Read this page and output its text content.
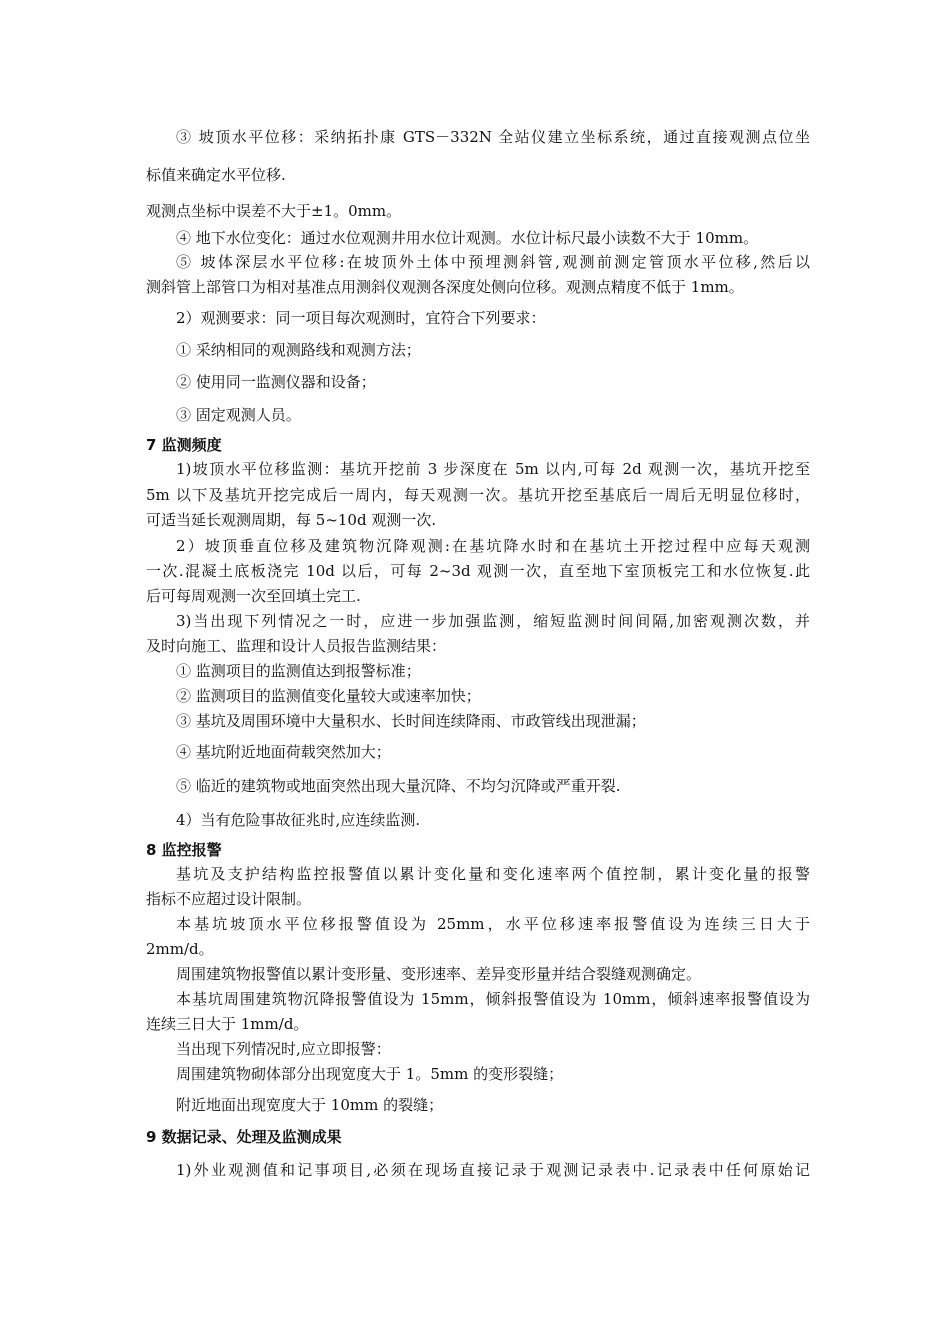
③ 坡顶水平位移：采纳拓扑康 GTS－332N 全站仪建立坐标系统，通过直接观测点位坐
标值来确定水平位移.
观测点坐标中误差不大于±1。0mm。
④ 地下水位变化：通过水位观测井用水位计观测。水位计标尺最小读数不大于 10mm。
⑤ 坡体深层水平位移:在坡顶外土体中预埋测斜管,观测前测定管顶水平位移,然后以
测斜管上部管口为相对基准点用测斜仪观测各深度处侧向位移。观测点精度不低于 1mm。
2）观测要求：同一项目每次观测时，宜符合下列要求：
① 采纳相同的观测路线和观测方法；
② 使用同一监测仪器和设备；
③ 固定观测人员。
7 监测频度
1)坡顶水平位移监测：基坑开挖前 3 步深度在 5m 以内,可每 2d 观测一次，基坑开挖至
5m 以下及基坑开挖完成后一周内，每天观测一次。基坑开挖至基底后一周后无明显位移时，
可适当延长观测周期，每 5~10d 观测一次.
2）坡顶垂直位移及建筑物沉降观测:在基坑降水时和在基坑土开挖过程中应每天观测
一次.混凝土底板浇完 10d 以后，可每 2~3d 观测一次，直至地下室顶板完工和水位恢复.此
后可每周观测一次至回填土完工.
3)当出现下列情况之一时，应进一步加强监测，缩短监测时间间隔,加密观测次数，并
及时向施工、监理和设计人员报告监测结果：
① 监测项目的监测值达到报警标准；
② 监测项目的监测值变化量较大或速率加快；
③ 基坑及周围环境中大量积水、长时间连续降雨、市政管线出现泄漏；
④ 基坑附近地面荷载突然加大；
⑤ 临近的建筑物或地面突然出现大量沉降、不均匀沉降或严重开裂.
4）当有危险事故征兆时,应连续监测.
8 监控报警
基坑及支护结构监控报警值以累计变化量和变化速率两个值控制，累计变化量的报警
指标不应超过设计限制。
本基坑坡顶水平位移报警值设为 25mm，水平位移速率报警值设为连续三日大于
2mm/d。
周围建筑物报警值以累计变形量、变形速率、差异变形量并结合裂缝观测确定。
本基坑周围建筑物沉降报警值设为 15mm，倾斜报警值设为 10mm，倾斜速率报警值设为
连续三日大于 1mm/d。
当出现下列情况时,应立即报警：
周围建筑物砌体部分出现宽度大于 1。5mm 的变形裂缝；
附近地面出现宽度大于 10mm 的裂缝；
9 数据记录、处理及监测成果
1)外业观测值和记事项目,必须在现场直接记录于观测记录表中.记录表中任何原始记
